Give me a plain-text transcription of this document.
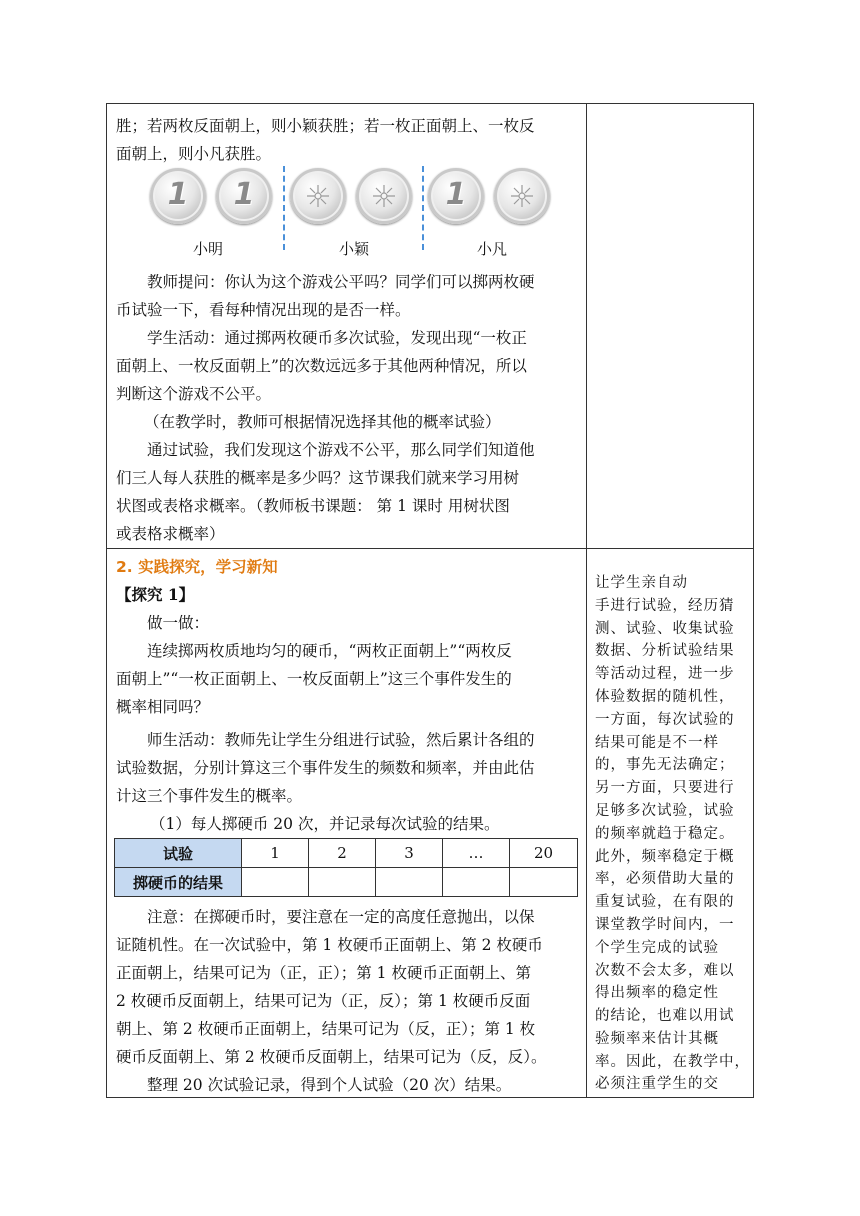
胜；若两枚反面朝上，则小颖获胜；若一枚正面朝上、一枚反
面朝上，则小凡获胜。
1	1	1
小明	小颖	小凡
教师提问：你认为这个游戏公平吗？同学们可以掷两枚硬
币试验一下，看每种情况出现的是否一样。
学生活动：通过掷两枚硬币多次试验，发现出现“一枚正
面朝上、一枚反面朝上”的次数远远多于其他两种情况，所以
判断这个游戏不公平。
（在教学时，教师可根据情况选择其他的概率试验）
通过试验，我们发现这个游戏不公平，那么同学们知道他
们三人每人获胜的概率是多少吗？这节课我们就来学习用树
状图或表格求概率。（教师板书课题： 第 1 课时 用树状图
或表格求概率）
2. 实践探究，学习新知
【探究 1】
做一做：
连续掷两枚质地均匀的硬币，“两枚正面朝上”“两枚反
面朝上”“一枚正面朝上、一枚反面朝上”这三个事件发生的
概率相同吗？
师生活动：教师先让学生分组进行试验，然后累计各组的
试验数据，分别计算这三个事件发生的频数和频率，并由此估
计这三个事件发生的概率。
（1）每人掷硬币 20 次，并记录每次试验的结果。
试验	1	2	3	…	20
掷硬币的结果					
注意：在掷硬币时，要注意在一定的高度任意抛出，以保
证随机性。在一次试验中，第 1 枚硬币正面朝上、第 2 枚硬币
正面朝上，结果可记为（正，正）；第 1 枚硬币正面朝上、第
2 枚硬币反面朝上，结果可记为（正，反）；第 1 枚硬币反面
朝上、第 2 枚硬币正面朝上，结果可记为（反，正）；第 1 枚
硬币反面朝上、第 2 枚硬币反面朝上，结果可记为（反，反）。
整理 20 次试验记录，得到个人试验（20 次）结果。
让学生亲自动
手进行试验，经历猜
测、试验、收集试验
数据、分析试验结果
等活动过程，进一步
体验数据的随机性，
一方面，每次试验的
结果可能是不一样
的，事先无法确定；
另一方面，只要进行
足够多次试验，试验
的频率就趋于稳定。
此外，频率稳定于概
率，必须借助大量的
重复试验，在有限的
课堂教学时间内，一
个学生完成的试验
次数不会太多，难以
得出频率的稳定性
的结论，也难以用试
验频率来估计其概
率。因此，在教学中，
必须注重学生的交
